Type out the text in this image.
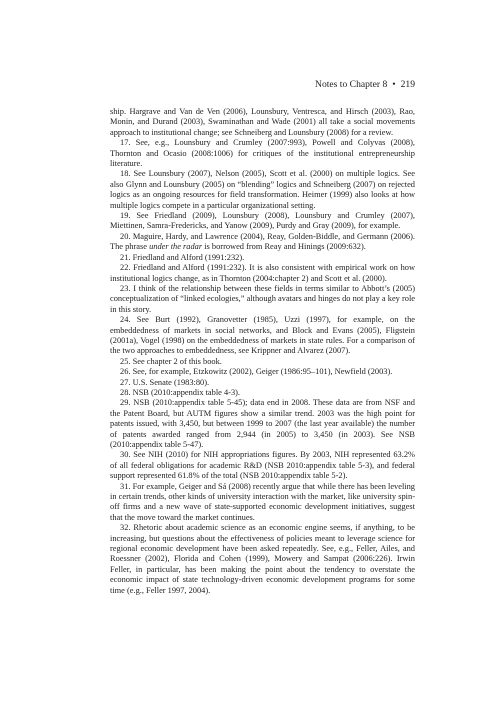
Notes to Chapter 8 • 219

ship. Hargrave and Van de Ven (2006), Lounsbury, Ventresca, and Hirsch (2003), Rao, Monin, and Durand (2003), Swaminathan and Wade (2001) all take a social movements approach to institutional change; see Schneiberg and Lounsbury (2008) for a review.

17. See, e.g., Lounsbury and Crumley (2007:993), Powell and Colyvas (2008), Thornton and Ocasio (2008:1006) for critiques of the institutional entrepreneurship literature.

18. See Lounsbury (2007), Nelson (2005), Scott et al. (2000) on multiple logics. See also Glynn and Lounsbury (2005) on “blending” logics and Schneiberg (2007) on rejected logics as an ongoing resources for field transformation. Heimer (1999) also looks at how multiple logics compete in a particular organizational setting.

19. See Friedland (2009), Lounsbury (2008), Lounsbury and Crumley (2007), Miettinen, Samra-Fredericks, and Yanow (2009), Purdy and Gray (2009), for example.

20. Maguire, Hardy, and Lawrence (2004), Reay, Golden-Biddle, and Germann (2006). The phrase under the radar is borrowed from Reay and Hinings (2009:632).

21. Friedland and Alford (1991:232).

22. Friedland and Alford (1991:232). It is also consistent with empirical work on how institutional logics change, as in Thornton (2004:chapter 2) and Scott et al. (2000).

23. I think of the relationship between these fields in terms similar to Abbott’s (2005) conceptualization of “linked ecologies,” although avatars and hinges do not play a key role in this story.

24. See Burt (1992), Granovetter (1985), Uzzi (1997), for example, on the embeddedness of markets in social networks, and Block and Evans (2005), Fligstein (2001a), Vogel (1998) on the embeddedness of markets in state rules. For a comparison of the two approaches to embeddedness, see Krippner and Alvarez (2007).

25. See chapter 2 of this book.

26. See, for example, Etzkowitz (2002), Geiger (1986:95–101), Newfield (2003).

27. U.S. Senate (1983:80).

28. NSB (2010:appendix table 4-3).

29. NSB (2010:appendix table 5-45); data end in 2008. These data are from NSF and the Patent Board, but AUTM figures show a similar trend. 2003 was the high point for patents issued, with 3,450, but between 1999 to 2007 (the last year available) the number of patents awarded ranged from 2,944 (in 2005) to 3,450 (in 2003). See NSB (2010:appendix table 5-47).

30. See NIH (2010) for NIH appropriations figures. By 2003, NIH represented 63.2% of all federal obligations for academic R&D (NSB 2010:appendix table 5-3), and federal support represented 61.8% of the total (NSB 2010:appendix table 5-2).

31. For example, Geiger and Sá (2008) recently argue that while there has been leveling in certain trends, other kinds of university interaction with the market, like university spin-off firms and a new wave of state-supported economic development initiatives, suggest that the move toward the market continues.

32. Rhetoric about academic science as an economic engine seems, if anything, to be increasing, but questions about the effectiveness of policies meant to leverage science for regional economic development have been asked repeatedly. See, e.g., Feller, Ailes, and Roessner (2002), Florida and Cohen (1999), Mowery and Sampat (2006:226). Irwin Feller, in particular, has been making the point about the tendency to overstate the economic impact of state technology-driven economic development programs for some time (e.g., Feller 1997, 2004).
